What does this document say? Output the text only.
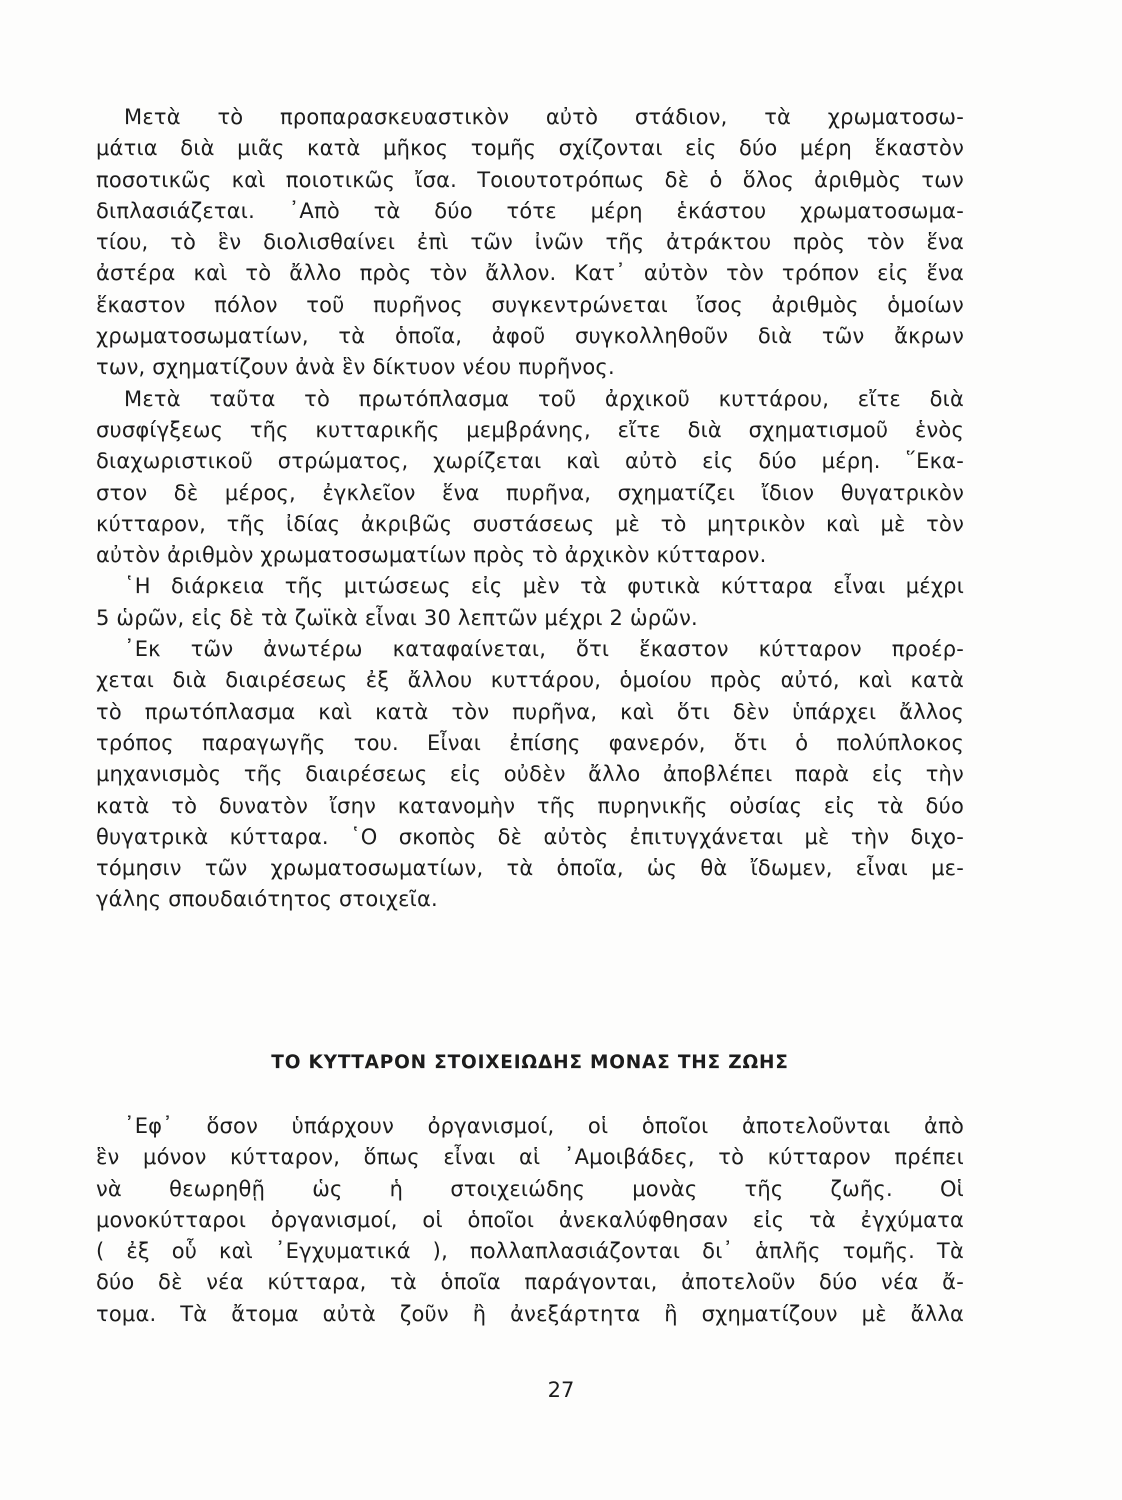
Μετὰ τὸ προπαρασκευαστικὸν αὐτὸ στάδιον, τὰ χρωματοσω-
μάτια διὰ μιᾶς κατὰ μῆκος τομῆς σχίζονται εἰς δύο μέρη ἕκαστὸν
ποσοτικῶς καὶ ποιοτικῶς ἴσα. Τοιουτοτρόπως δὲ ὁ ὅλος ἀριθμὸς των
διπλασιάζεται. ᾽Απὸ τὰ δύο τότε μέρη ἑκάστου χρωματοσωμα-
τίου, τὸ ἓν διολισθαίνει ἐπὶ τῶν ἰνῶν τῆς ἀτράκτου πρὸς τὸν ἕνα
ἀστέρα καὶ τὸ ἄλλο πρὸς τὸν ἄλλον. Κατ᾽ αὐτὸν τὸν τρόπον εἰς ἕνα
ἕκαστον πόλον τοῦ πυρῆνος συγκεντρώνεται ἴσος ἀριθμὸς ὁμοίων
χρωματοσωματίων, τὰ ὁποῖα, ἀφοῦ συγκολληθοῦν διὰ τῶν ἄκρων
των, σχηματίζουν ἀνὰ ἓν δίκτυον νέου πυρῆνος.

Μετὰ ταῦτα τὸ πρωτόπλασμα τοῦ ἀρχικοῦ κυττάρου, εἴτε διὰ
συσφίγξεως τῆς κυτταρικῆς μεμβράνης, εἴτε διὰ σχηματισμοῦ ἑνὸς
διαχωριστικοῦ στρώματος, χωρίζεται καὶ αὐτὸ εἰς δύο μέρη. ῞Εκα-
στον δὲ μέρος, ἐγκλεῖον ἕνα πυρῆνα, σχηματίζει ἴδιον θυγατρικὸν
κύτταρον, τῆς ἰδίας ἀκριβῶς συστάσεως μὲ τὸ μητρικὸν καὶ μὲ τὸν
αὐτὸν ἀριθμὸν χρωματοσωματίων πρὸς τὸ ἀρχικὸν κύτταρον.

῾Η διάρκεια τῆς μιτώσεως εἰς μὲν τὰ φυτικὰ κύτταρα εἶναι μέχρι
5 ὡρῶν, εἰς δὲ τὰ ζωϊκὰ εἶναι 30 λεπτῶν μέχρι 2 ὡρῶν.

᾽Εκ τῶν ἀνωτέρω καταφαίνεται, ὅτι ἕκαστον κύτταρον προέρ-
χεται διὰ διαιρέσεως ἐξ ἄλλου κυττάρου, ὁμοίου πρὸς αὐτό, καὶ κατὰ
τὸ πρωτόπλασμα καὶ κατὰ τὸν πυρῆνα, καὶ ὅτι δὲν ὑπάρχει ἄλλος
τρόπος παραγωγῆς του. Εἶναι ἐπίσης φανερόν, ὅτι ὁ πολύπλοκος
μηχανισμὸς τῆς διαιρέσεως εἰς οὐδὲν ἄλλο ἀποβλέπει παρὰ εἰς τὴν
κατὰ τὸ δυνατὸν ἴσην κατανομὴν τῆς πυρηνικῆς οὐσίας εἰς τὰ δύο
θυγατρικὰ κύτταρα. ῾Ο σκοπὸς δὲ αὐτὸς ἐπιτυγχάνεται μὲ τὴν διχο-
τόμησιν τῶν χρωματοσωματίων, τὰ ὁποῖα, ὡς θὰ ἴδωμεν, εἶναι με-
γάλης σπουδαιότητος στοιχεῖα.

ΤΟ ΚΥΤΤΑΡΟΝ ΣΤΟΙΧΕΙΩΔΗΣ ΜΟΝΑΣ ΤΗΣ ΖΩΗΣ

᾽Εφ᾽ ὅσον ὑπάρχουν ὀργανισμοί, οἱ ὁποῖοι ἀποτελοῦνται ἀπὸ
ἓν μόνον κύτταρον, ὅπως εἶναι αἱ ᾽Αμοιβάδες, τὸ κύτταρον πρέπει
νὰ θεωρηθῇ ὡς ἡ στοιχειώδης μονὰς τῆς ζωῆς. Οἱ
μονοκύτταροι ὀργανισμοί, οἱ ὁποῖοι ἀνεκαλύφθησαν εἰς τὰ ἐγχύματα
( ἐξ οὗ καὶ ᾽Εγχυματικά ), πολλαπλασιάζονται δι᾽ ἁπλῆς τομῆς. Τὰ
δύο δὲ νέα κύτταρα, τὰ ὁποῖα παράγονται, ἀποτελοῦν δύο νέα ἄ-
τομα. Τὰ ἄτομα αὐτὰ ζοῦν ἢ ἀνεξάρτητα ἢ σχηματίζουν μὲ ἄλλα

27
